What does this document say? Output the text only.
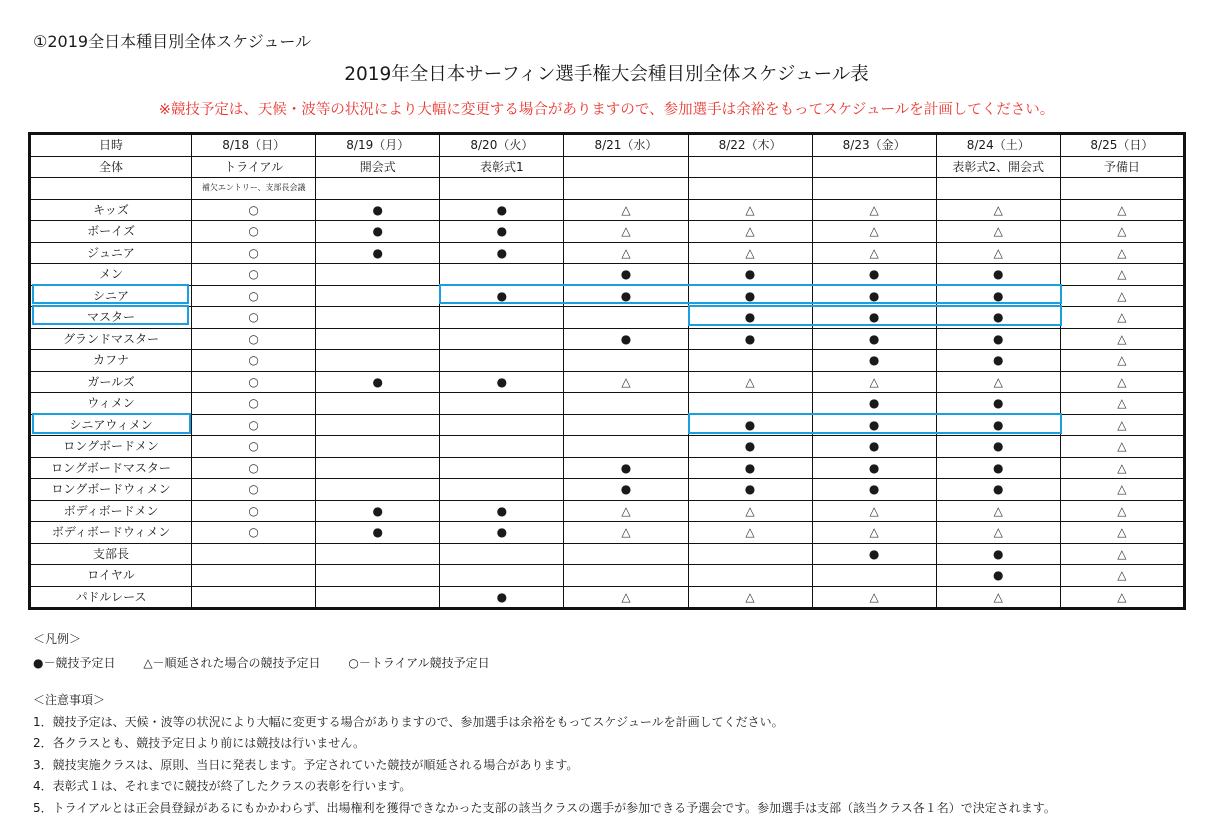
①2019全日本種目別全体スケジュール
2019年全日本サーフィン選手権大会種目別全体スケジュール表
※競技予定は、天候・波等の状況により大幅に変更する場合がありますので、参加選手は余裕をもってスケジュールを計画してください。
日時	8/18（日）	8/19（月）	8/20（火）	8/21（水）	8/22（木）	8/23（金）	8/24（土）	8/25（日）
全体	トライアル	開会式	表彰式1				表彰式2、開会式	予備日
	補欠エントリー、支部長会議							
キッズ	○	●	●	△	△	△	△	△
ボーイズ	○	●	●	△	△	△	△	△
ジュニア	○	●	●	△	△	△	△	△
メン	○			●	●	●	●	△
シニア	○		●	●	●	●	●	△
マスター	○				●	●	●	△
グランドマスター	○			●	●	●	●	△
カフナ	○					●	●	△
ガールズ	○	●	●	△	△	△	△	△
ウィメン	○					●	●	△
シニアウィメン	○				●	●	●	△
ロングボードメン	○				●	●	●	△
ロングボードマスター	○			●	●	●	●	△
ロングボードウィメン	○			●	●	●	●	△
ボディボードメン	○	●	●	△	△	△	△	△
ボディボードウィメン	○	●	●	△	△	△	△	△
支部長						●	●	△
ロイヤル							●	△
パドルレース			●	△	△	△	△	△
＜凡例＞
●－競技予定日 △－順延された場合の競技予定日 ○－トライアル競技予定日
＜注意事項＞
1．競技予定は、天候・波等の状況により大幅に変更する場合がありますので、参加選手は余裕をもってスケジュールを計画してください。
2．各クラスとも、競技予定日より前には競技は行いません。
3．競技実施クラスは、原則、当日に発表します。予定されていた競技が順延される場合があります。
4．表彰式１は、それまでに競技が終了したクラスの表彰を行います。
5．トライアルとは正会員登録があるにもかかわらず、出場権利を獲得できなかった支部の該当クラスの選手が参加できる予選会です。参加選手は支部（該当クラス各１名）で決定されます。
